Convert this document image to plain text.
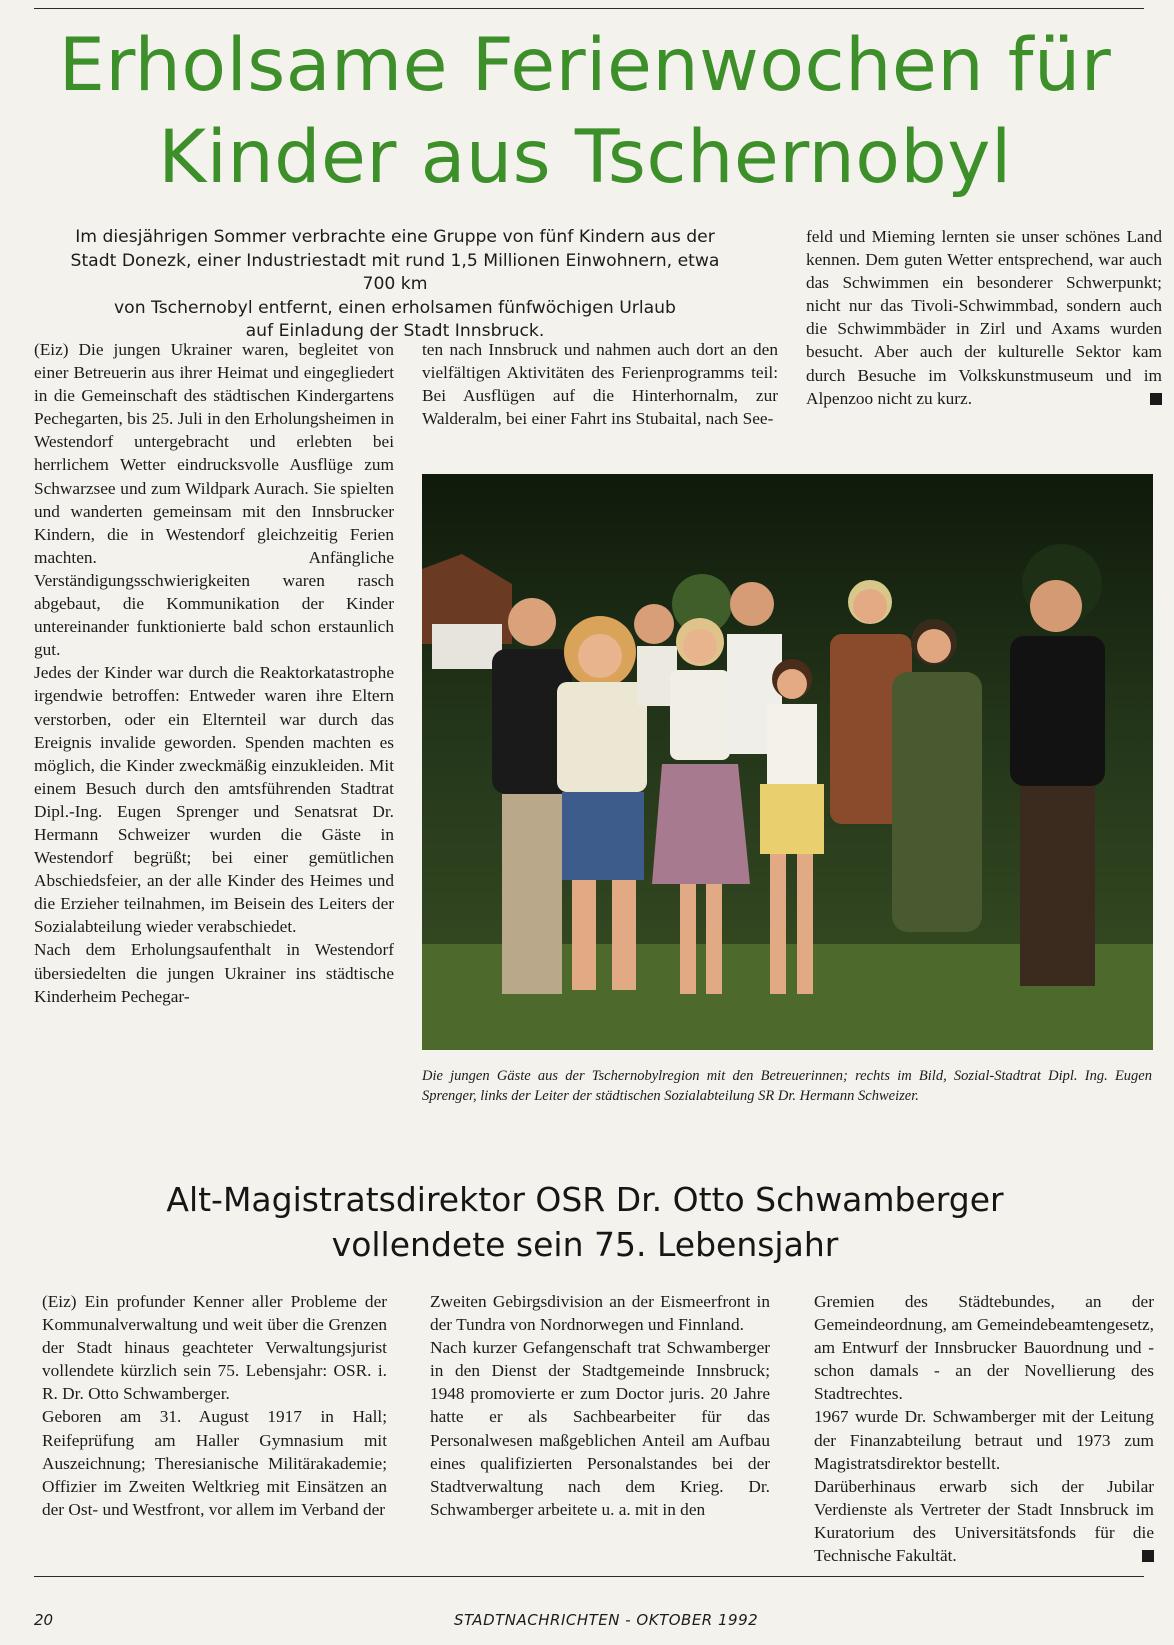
Erholsame Ferienwochen für
Kinder aus Tschernobyl
Im diesjährigen Sommer verbrachte eine Gruppe von fünf Kindern aus der
Stadt Donezk, einer Industriestadt mit rund 1,5 Millionen Einwohnern, etwa 700 km
von Tschernobyl entfernt, einen erholsamen fünfwöchigen Urlaub
auf Einladung der Stadt Innsbruck.

(Eiz) Die jungen Ukrainer waren, begleitet von einer Betreuerin aus ihrer Heimat und eingegliedert in die Gemeinschaft des städtischen Kindergartens Pechegarten, bis 25. Juli in den Erholungsheimen in Westendorf untergebracht und erlebten bei herrlichem Wetter eindrucksvolle Ausflüge zum Schwarzsee und zum Wildpark Aurach. Sie spielten und wanderten gemeinsam mit den Innsbrucker Kindern, die in Westendorf gleichzeitig Ferien machten. Anfängliche Verständigungsschwierigkeiten waren rasch abgebaut, die Kommunikation der Kinder untereinander funktionierte bald schon erstaunlich gut.

Jedes der Kinder war durch die Reaktorkatastrophe irgendwie betroffen: Entweder waren ihre Eltern verstorben, oder ein Elternteil war durch das Ereignis invalide geworden. Spenden machten es möglich, die Kinder zweckmäßig einzukleiden. Mit einem Besuch durch den amtsführenden Stadtrat Dipl.-Ing. Eugen Sprenger und Senatsrat Dr. Hermann Schweizer wurden die Gäste in Westendorf begrüßt; bei einer gemütlichen Abschiedsfeier, an der alle Kinder des Heimes und die Erzieher teilnahmen, im Beisein des Leiters der Sozialabteilung wieder verabschiedet.

Nach dem Erholungsaufenthalt in Westendorf übersiedelten die jungen Ukrainer ins städtische Kinderheim Pechegar-

ten nach Innsbruck und nahmen auch dort an den vielfältigen Aktivitäten des Ferienprogramms teil: Bei Ausflügen auf die Hinterhornalm, zur Walderalm, bei einer Fahrt ins Stubaital, nach See-

feld und Mieming lernten sie unser schönes Land kennen. Dem guten Wetter entsprechend, war auch das Schwimmen ein besonderer Schwerpunkt; nicht nur das Tivoli-Schwimmbad, sondern auch die Schwimmbäder in Zirl und Axams wurden besucht. Aber auch der kulturelle Sektor kam durch Besuche im Volkskunstmuseum und im Alpenzoo nicht zu kurz.

Die jungen Gäste aus der Tschernobylregion mit den Betreuerinnen; rechts im Bild, Sozial-Stadtrat Dipl. Ing. Eugen Sprenger, links der Leiter der städtischen Sozialabteilung SR Dr. Hermann Schweizer.
Alt-Magistratsdirektor OSR Dr. Otto Schwamberger
vollendete sein 75. Lebensjahr

(Eiz) Ein profunder Kenner aller Probleme der Kommunalverwaltung und weit über die Grenzen der Stadt hinaus geachteter Verwaltungsjurist vollendete kürzlich sein 75. Lebensjahr: OSR. i. R. Dr. Otto Schwamberger.

Geboren am 31. August 1917 in Hall; Reifeprüfung am Haller Gymnasium mit Auszeichnung; Theresianische Militärakademie; Offizier im Zweiten Weltkrieg mit Einsätzen an der Ost- und Westfront, vor allem im Verband der

Zweiten Gebirgsdivision an der Eismeerfront in der Tundra von Nordnorwegen und Finnland.

Nach kurzer Gefangenschaft trat Schwamberger in den Dienst der Stadtgemeinde Innsbruck; 1948 promovierte er zum Doctor juris. 20 Jahre hatte er als Sachbearbeiter für das Personalwesen maßgeblichen Anteil am Aufbau eines qualifizierten Personalstandes bei der Stadtverwaltung nach dem Krieg. Dr. Schwamberger arbeitete u. a. mit in den

Gremien des Städtebundes, an der Gemeindeordnung, am Gemeindebeamtengesetz, am Entwurf der Innsbrucker Bauordnung und - schon damals - an der Novellierung des Stadtrechtes.

1967 wurde Dr. Schwamberger mit der Leitung der Finanzabteilung betraut und 1973 zum Magistratsdirektor bestellt.

Darüberhinaus erwarb sich der Jubilar Verdienste als Vertreter der Stadt Innsbruck im Kuratorium des Universitätsfonds für die Technische Fakultät.

20	STADTNACHRICHTEN - OKTOBER 1992
